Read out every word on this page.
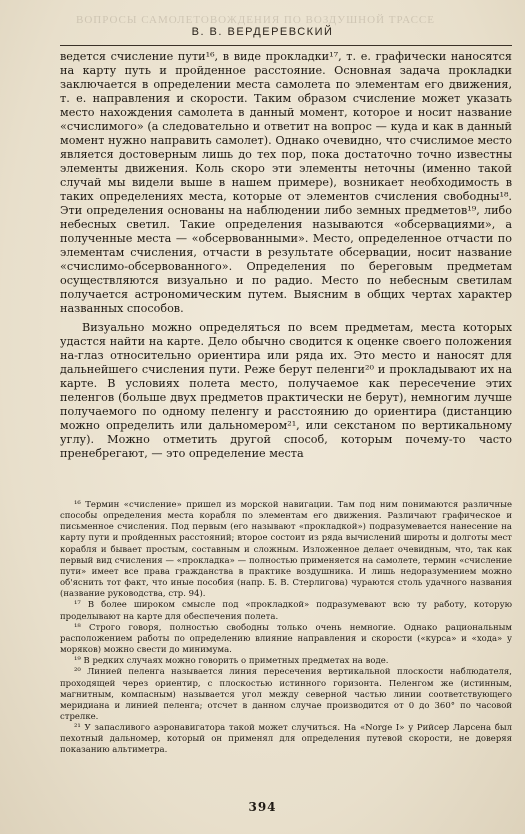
ВОПРОСЫ САМОЛЕТОВОЖДЕНИЯ ПО ВОЗДУШНОЙ ТРАССЕ
В. В. ВЕРДЕРЕВСКИЙ

ведется счисление пути¹⁶, в виде прокладки¹⁷, т. е. графически наносятся на карту путь и пройденное расстояние. Основная задача прокладки заключается в определении места самолета по элементам его движения, т. е. направления и скорости. Таким образом счисление может указать место нахождения самолета в данный момент, которое и носит название «счислимого» (а следовательно и ответит на вопрос — куда и как в данный момент нужно направить самолет). Однако очевидно, что счислимое место является достоверным лишь до тех пор, пока достаточно точно известны элементы движения. Коль скоро эти элементы неточны (именно такой случай мы видели выше в нашем примере), возникает необходимость в таких определениях места, которые от элементов счисления свободны¹⁸. Эти определения основаны на наблюдении либо земных предметов¹⁹, либо небесных светил. Такие определения называются «обсервациями», а полученные места — «обсервованными». Место, определенное отчасти по элементам счисления, отчасти в результате обсервации, носит название «счислимо-обсервованного». Определения по береговым предметам осуществляются визуально и по радио. Место по небесным светилам получается астрономическим путем. Выясним в общих чертах характер названных способов.

Визуально можно определяться по всем предметам, места которых удастся найти на карте. Дело обычно сводится к оценке своего положения на-глаз относительно ориентира или ряда их. Это место и наносят для дальнейшего счисления пути. Реже берут пеленги²⁰ и прокладывают их на карте. В условиях полета место, получаемое как пересечение этих пеленгов (больше двух предметов практически не берут), немногим лучше получаемого по одному пеленгу и расстоянию до ориентира (дистанцию можно определить или дальномером²¹, или секстаном по вертикальному углу). Можно отметить другой способ, которым почему-то часто пренебрегают, — это определение места

¹⁶ Термин «счисление» пришел из морской навигации. Там под ним понимаются различные способы определения места корабля по элементам его движения. Различают графическое и письменное счисления. Под первым (его называют «прокладкой») подразумевается нанесение на карту пути и пройденных расстояний; второе состоит из ряда вычислений широты и долготы мест корабля и бывает простым, составным и сложным. Изложенное делает очевидным, что, так как первый вид счисления — «прокладка» — полностью применяется на самолете, термин «счисление пути» имеет все права гражданства в практике воздушника. И лишь недоразумением можно об'яснить тот факт, что иные пособия (напр. Б. В. Стерлигова) чураются столь удачного названия (название руководства, стр. 94).

¹⁷ В более широком смысле под «прокладкой» подразумевают всю ту работу, которую проделывают на карте для обеспечения полета.

¹⁸ Строго говоря, полностью свободны только очень немногие. Однако рациональным расположением работы по определению влияние направления и скорости («курса» и «хода» у моряков) можно свести до минимума.

¹⁹ В редких случаях можно говорить о приметных предметах на воде.

²⁰ Линией пеленга называется линия пересечения вертикальной плоскости наблюдателя, проходящей через ориентир, с плоскостью истинного горизонта. Пеленгом же (истинным, магнитным, компасным) называется угол между северной частью линии соответствующего меридиана и линией пеленга; отсчет в данном случае производится от 0 до 360° по часовой стрелке.

²¹ У запасливого аэронавигатора такой может случиться. На «Norge I» у Рийсер Ларсена был пехотный дальномер, который он применял для определения путевой скорости, не доверяя показанию альтиметра.

394
